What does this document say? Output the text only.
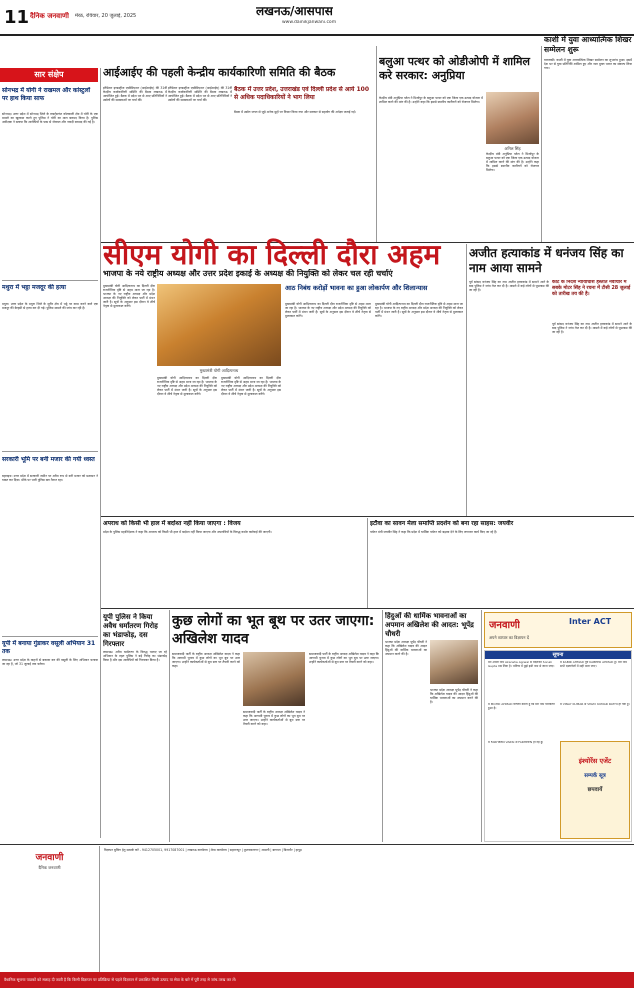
11 दैनिक जनवाणी मेरठ, रविवार, 20 जुलाई, 2025	लखनऊ/आसपास
www.dainikjanwani.com
सार संक्षेप
सोनभद्र में योगी ने राखमल और कांस्टुलों पर हाथ किया साफ
सोनभद्र। उत्तर प्रदेश में सोनभद्र जिले के राबर्ट्सगंज कोतवाली क्षेत्र में चोरी के एक मामले का खुलासा करते हुए पुलिस ने चोरी का माल बरामद किया है। पुलिस अधीक्षक ने बताया कि आरोपियों के पास से जेवरात और नकदी बरामद की गई है।
मथुरा में भट्ठा मजदूर की हत्या
मथुरा। उत्तर प्रदेश के मथुरा जिले के सुरीर क्षेत्र में भट्ठे पर काम करने वाले एक मजदूर की बेरहमी से हत्या कर दी गई। पुलिस मामले की जांच कर रही है।
सरकारी भूमि पर बनी मजार की गयी ध्वस्त
बहराइच। उत्तर प्रदेश में सरकारी जमीन पर अवैध रूप से बनी मजार को प्रशासन ने ध्वस्त कर दिया। मौके पर भारी पुलिस बल तैनात रहा।
यूपी में बनाया गुंडाकर वसूली अभियान 31 तक
लखनऊ। उत्तर प्रदेश के वाहनों से बकाया कर की वसूली के लिए अभियान चलाया जा रहा है, जो 31 जुलाई तक चलेगा।
आईआईए की पहली केन्द्रीय कार्यकारिणी समिति की बैठक
इण्डियन इण्डस्ट्रीज एसोसिएशन (आईआईए) की 31वीं केन्द्रीय कार्यकारिणी समिति की बैठक लखनऊ में आयोजित हुई। बैठक में प्रदेश भर से आए प्रतिनिधियों ने उद्योगों की समस्याओं पर चर्चा की।
इण्डियन इण्डस्ट्रीज एसोसिएशन (आईआईए) की 31वीं केन्द्रीय कार्यकारिणी समिति की बैठक लखनऊ में आयोजित हुई। बैठक में प्रदेश भर से आए प्रतिनिधियों ने उद्योगों की समस्याओं पर चर्चा की।
बैठक में उत्तर प्रदेश, उत्तराखंड एवं दिल्ली प्रदेश से आये 100 से अधिक पदाधिकारियों ने भाग लिया
बैठक में उद्योग जगत से जुड़े अनेक मुद्दों पर विचार किया गया और सरकार से सहयोग की अपेक्षा जताई गई।
बलुआ पत्थर को ओडीओपी में शामिल करे सरकार: अनुप्रिया
केन्द्रीय मंत्री अनुप्रिया पटेल ने मिर्जापुर के बलुआ पत्थर को एक जिला एक उत्पाद योजना में शामिल करने की मांग की है। उन्होंने कहा कि इससे स्थानीय कारीगरों को रोजगार मिलेगा।
अनिल सिंह
केन्द्रीय मंत्री अनुप्रिया पटेल ने मिर्जापुर के बलुआ पत्थर को एक जिला एक उत्पाद योजना में शामिल करने की मांग की है। उन्होंने कहा कि इससे स्थानीय कारीगरों को रोजगार मिलेगा।
काशी में युवा आध्यात्मिक शिखर सम्मेलन शुरू
वाराणसी। काशी में युवा आध्यात्मिक शिखर सम्मेलन का शुभारंभ हुआ। इसमें देश भर से युवा प्रतिनिधि शामिल हुए और नशा मुक्त भारत का संकल्प लिया गया।
सीएम योगी का दिल्ली दौरा अहम
भाजपा के नये राष्ट्रीय अध्यक्ष और उत्तर प्रदेश इकाई के अध्यक्ष की नियुक्ति को लेकर चल रही चर्चाएं
मुख्यमंत्री योगी आदित्यनाथ का दिल्ली दौरा राजनीतिक दृष्टि से अहम माना जा रहा है। भाजपा के नए राष्ट्रीय अध्यक्ष और प्रदेश अध्यक्ष की नियुक्ति को लेकर पार्टी में मंथन जारी है। सूत्रों के अनुसार इस दौरान वे शीर्ष नेतृत्व से मुलाकात करेंगे।
मुख्यमंत्री योगी आदित्यनाथ
मुख्यमंत्री योगी आदित्यनाथ का दिल्ली दौरा राजनीतिक दृष्टि से अहम माना जा रहा है। भाजपा के नए राष्ट्रीय अध्यक्ष और प्रदेश अध्यक्ष की नियुक्ति को लेकर पार्टी में मंथन जारी है। सूत्रों के अनुसार इस दौरान वे शीर्ष नेतृत्व से मुलाकात करेंगे।
मुख्यमंत्री योगी आदित्यनाथ का दिल्ली दौरा राजनीतिक दृष्टि से अहम माना जा रहा है। भाजपा के नए राष्ट्रीय अध्यक्ष और प्रदेश अध्यक्ष की नियुक्ति को लेकर पार्टी में मंथन जारी है। सूत्रों के अनुसार इस दौरान वे शीर्ष नेतृत्व से मुलाकात करेंगे।
आठ निबंध करोड़ों भावना का हुआ लोकार्पण और शिलान्यास
मुख्यमंत्री योगी आदित्यनाथ का दिल्ली दौरा राजनीतिक दृष्टि से अहम माना जा रहा है। भाजपा के नए राष्ट्रीय अध्यक्ष और प्रदेश अध्यक्ष की नियुक्ति को लेकर पार्टी में मंथन जारी है। सूत्रों के अनुसार इस दौरान वे शीर्ष नेतृत्व से मुलाकात करेंगे।
मुख्यमंत्री योगी आदित्यनाथ का दिल्ली दौरा राजनीतिक दृष्टि से अहम माना जा रहा है। भाजपा के नए राष्ट्रीय अध्यक्ष और प्रदेश अध्यक्ष की नियुक्ति को लेकर पार्टी में मंथन जारी है। सूत्रों के अनुसार इस दौरान वे शीर्ष नेतृत्व से मुलाकात करेंगे।
अजीत हत्याकांड में धनंजय सिंह का नाम आया सामने
पूर्व सांसद धनंजय सिंह का नाम अजीत हत्याकांड में सामने आने के बाद पुलिस ने जांच तेज कर दी है। मामले में कई लोगों से पूछताछ की जा रही है।
कोर्ट के निर्देश न्यायाधीश हस्तांत नवाचार में सबके मोटर सिंह ने रचना में टीसी 28 जुलाई को तारीख तय की है।
पूर्व सांसद धनंजय सिंह का नाम अजीत हत्याकांड में सामने आने के बाद पुलिस ने जांच तेज कर दी है। मामले में कई लोगों से पूछताछ की जा रही है।
अपराध को किसी भी हाल में बर्दाश्त नहीं किया जाएगा : विजय
प्रदेश के पुलिस महानिदेशक ने कहा कि अपराध को किसी भी हाल में बर्दाश्त नहीं किया जाएगा और अपराधियों के विरुद्ध कठोर कार्रवाई की जाएगी।
इटौवा का सावन मेला समाप्ति प्रदर्शन को बना रहा साहस: जयवीर
पर्यटन मंत्री जयवीर सिंह ने कहा कि प्रदेश में धार्मिक पर्यटन को बढ़ावा देने के लिए लगातार कार्य किए जा रहे हैं।
यूपी पुलिस ने किया अवैध धर्मांतरण गिरोह का भंडाफोड़, दस गिरफ्तार
लखनऊ। अवैध धर्मांतरण के विरुद्ध चलाए जा रहे अभियान के तहत पुलिस ने बड़े गिरोह का भंडाफोड़ किया है और दस आरोपियों को गिरफ्तार किया है।
कुछ लोगों का भूत बूथ पर उतर जाएगा: अखिलेश यादव
समाजवादी पार्टी के राष्ट्रीय अध्यक्ष अखिलेश यादव ने कहा कि आगामी चुनाव में कुछ लोगों का भूत बूथ पर उतर जाएगा। उन्होंने कार्यकर्ताओं से बूथ स्तर पर तैयारी करने को कहा।
समाजवादी पार्टी के राष्ट्रीय अध्यक्ष अखिलेश यादव ने कहा कि आगामी चुनाव में कुछ लोगों का भूत बूथ पर उतर जाएगा। उन्होंने कार्यकर्ताओं से बूथ स्तर पर तैयारी करने को कहा।
समाजवादी पार्टी के राष्ट्रीय अध्यक्ष अखिलेश यादव ने कहा कि आगामी चुनाव में कुछ लोगों का भूत बूथ पर उतर जाएगा। उन्होंने कार्यकर्ताओं से बूथ स्तर पर तैयारी करने को कहा।
हिंदुओं की धार्मिक भावनाओं का अपमान अखिलेश की आदत: भूपेंद्र चौधरी
भाजपा प्रदेश अध्यक्ष भूपेंद्र चौधरी ने कहा कि अखिलेश यादव की आदत हिंदुओं की धार्मिक भावनाओं का अपमान करने की है।
भाजपा प्रदेश अध्यक्ष भूपेंद्र चौधरी ने कहा कि अखिलेश यादव की आदत हिंदुओं की धार्मिक भावनाओं का अपमान करने की है।
जनवाणी	Inter ACT
अपने व्यापार का विज्ञापन दें
सूचना
मैंने अपना नाम Akansha Agrwal से बदलकर Sonali Gupta रख लिया है। भविष्य में मुझे इसी नाम से जाना जाए।
मैं KABIR AHMAD पुत्र KABEER AHMAD हूँ। मेरा नाम सभी दस्तावेजों में सही माना जाए।
मैं MOHD AHMAD घोषणा करता हूँ कि मेरा नाम परिवर्तित हुआ है।
मैं VINAY KUMAR से VINAY KUMAR RATHI हो गया हूँ।
मैं FARHEEN VARSI से FARHEEN हो गई हूँ।
इंश्योरेंस एजेंट
सम्पर्क सूत्र
छपवायें
जनवाणी
दैनिक जनवाणी
विज्ञापन बुकिंग हेतु सम्पर्क करें - 9412705001, 9917087001 | लखनऊ कार्यालय | मेरठ कार्यालय | सहारनपुर | मुजफ्फरनगर | शामली | बागपत | बिजनौर | हापुड़
वैधानिक सूचनाः पाठकों को सलाह दी जाती है कि किसी विज्ञापन पर प्रतिक्रिया से पहले विज्ञापन में प्रकाशित किसी उत्पाद या सेवा के बारे में पूरी तरह से जांच-परख कर लें।
